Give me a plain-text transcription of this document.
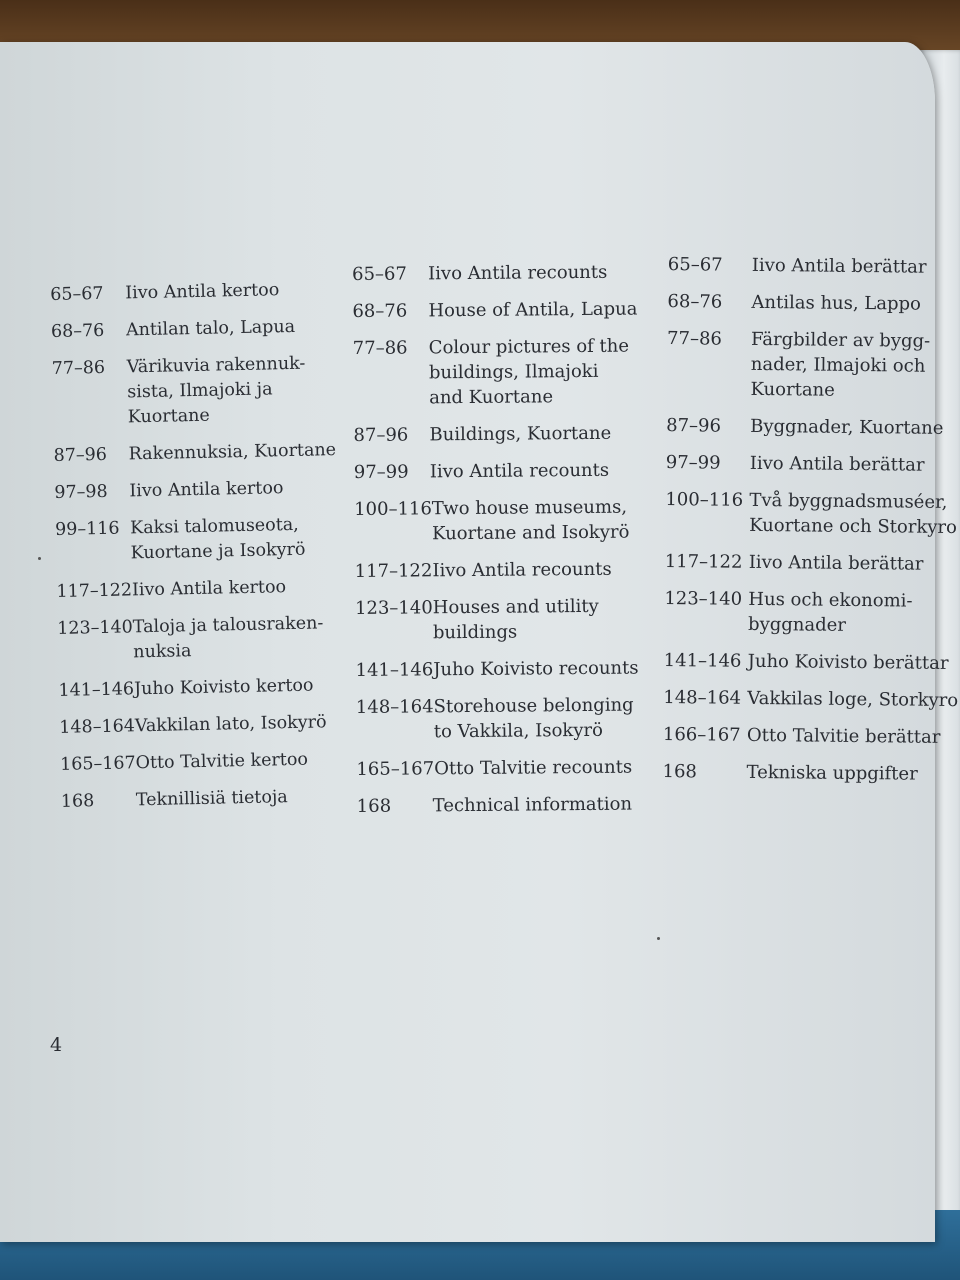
4
65–67	Iivo Antila kertoo
68–76	Antilan talo, Lapua
77–86	Värikuvia rakennuk-
sista, Ilmajoki ja
Kuortane
87–96	Rakennuksia, Kuortane
97–98	Iivo Antila kertoo
99–116 Kaksi talomuseota,
Kuortane ja Isokyrö
117–122 Iivo Antila kertoo
123–140 Taloja ja talousraken-
nuksia
141–146 Juho Koivisto kertoo
148–164 Vakkilan lato, Isokyrö
165–167 Otto Talvitie kertoo
168	Teknillisiä tietoja
65–67	Iivo Antila recounts
68–76	House of Antila, Lapua
77–86	Colour pictures of the
buildings, Ilmajoki
and Kuortane
87–96	Buildings, Kuortane
97–99	Iivo Antila recounts
100–116 Two house museums,
Kuortane and Isokyrö
117–122 Iivo Antila recounts
123–140 Houses and utility
buildings
141–146 Juho Koivisto recounts
148–164 Storehouse belonging
to Vakkila, Isokyrö
165–167 Otto Talvitie recounts
168	Technical information
65–67	Iivo Antila berättar
68–76	Antilas hus, Lappo
77–86	Färgbilder av bygg-
nader, Ilmajoki och
Kuortane
87–96	Byggnader, Kuortane
97–99	Iivo Antila berättar
100–116 Två byggnadsmuséer,
Kuortane och Storkyro
117–122 Iivo Antila berättar
123–140 Hus och ekonomi-
byggnader
141–146 Juho Koivisto berättar
148–164 Vakkilas loge, Storkyro
166–167 Otto Talvitie berättar
168	Tekniska uppgifter
